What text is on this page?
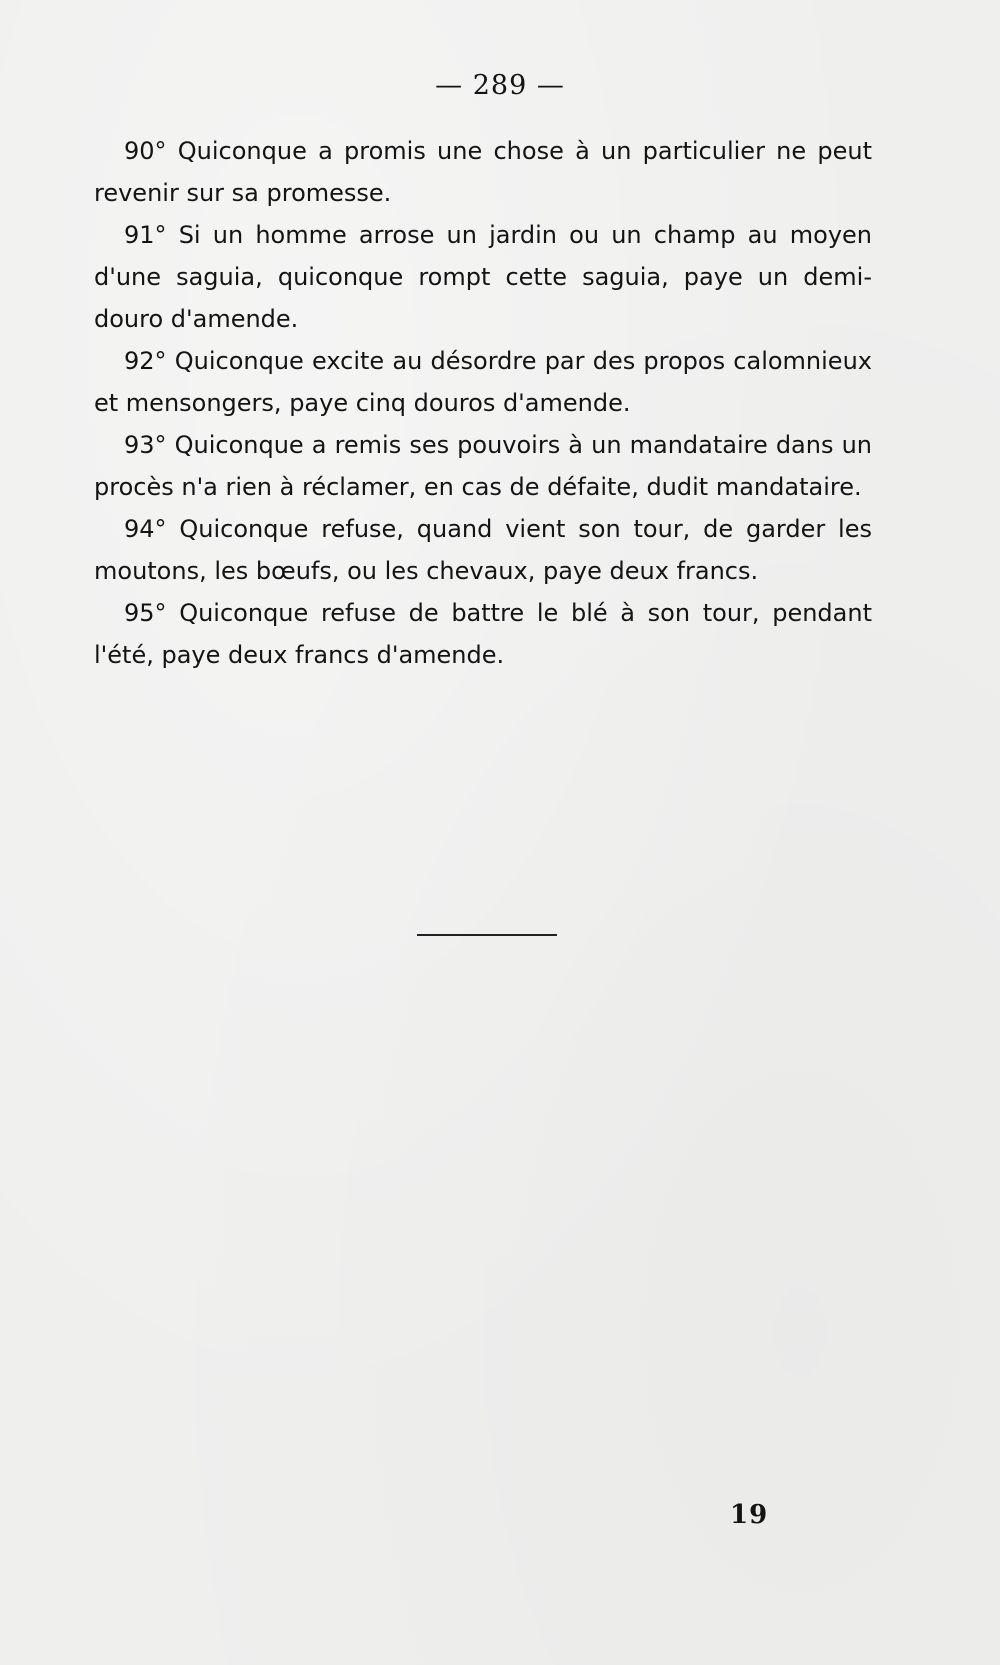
— 289 —

90° Quiconque a promis une chose à un particulier ne peut revenir sur sa promesse.

91° Si un homme arrose un jardin ou un champ au moyen d'une saguia, quiconque rompt cette saguia, paye un demi-douro d'amende.

92° Quiconque excite au désordre par des propos calomnieux et mensongers, paye cinq douros d'amende.

93° Quiconque a remis ses pouvoirs à un mandataire dans un procès n'a rien à réclamer, en cas de défaite, dudit mandataire.

94° Quiconque refuse, quand vient son tour, de garder les moutons, les bœufs, ou les chevaux, paye deux francs.

95° Quiconque refuse de battre le blé à son tour, pendant l'été, paye deux francs d'amende.

19
